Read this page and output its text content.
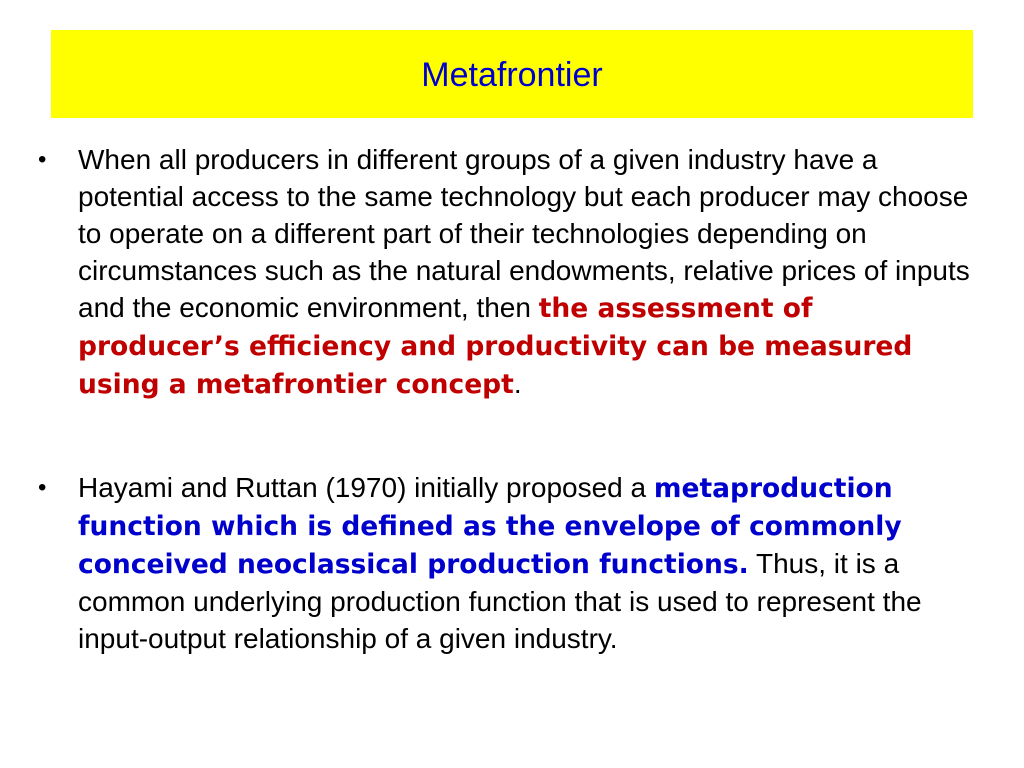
Metafrontier
•	When all producers in different groups of a given industry have a potential access to the same technology but each producer may choose to operate on a different part of their technologies depending on circumstances such as the natural endowments, relative prices of inputs and the economic environment, then the assessment of producer’s efficiency and productivity can be measured using a metafrontier concept.
•	Hayami and Ruttan (1970) initially proposed a metaproduction function which is defined as the envelope of commonly conceived neoclassical production functions. Thus, it is a common underlying production function that is used to represent the input-output relationship of a given industry.
